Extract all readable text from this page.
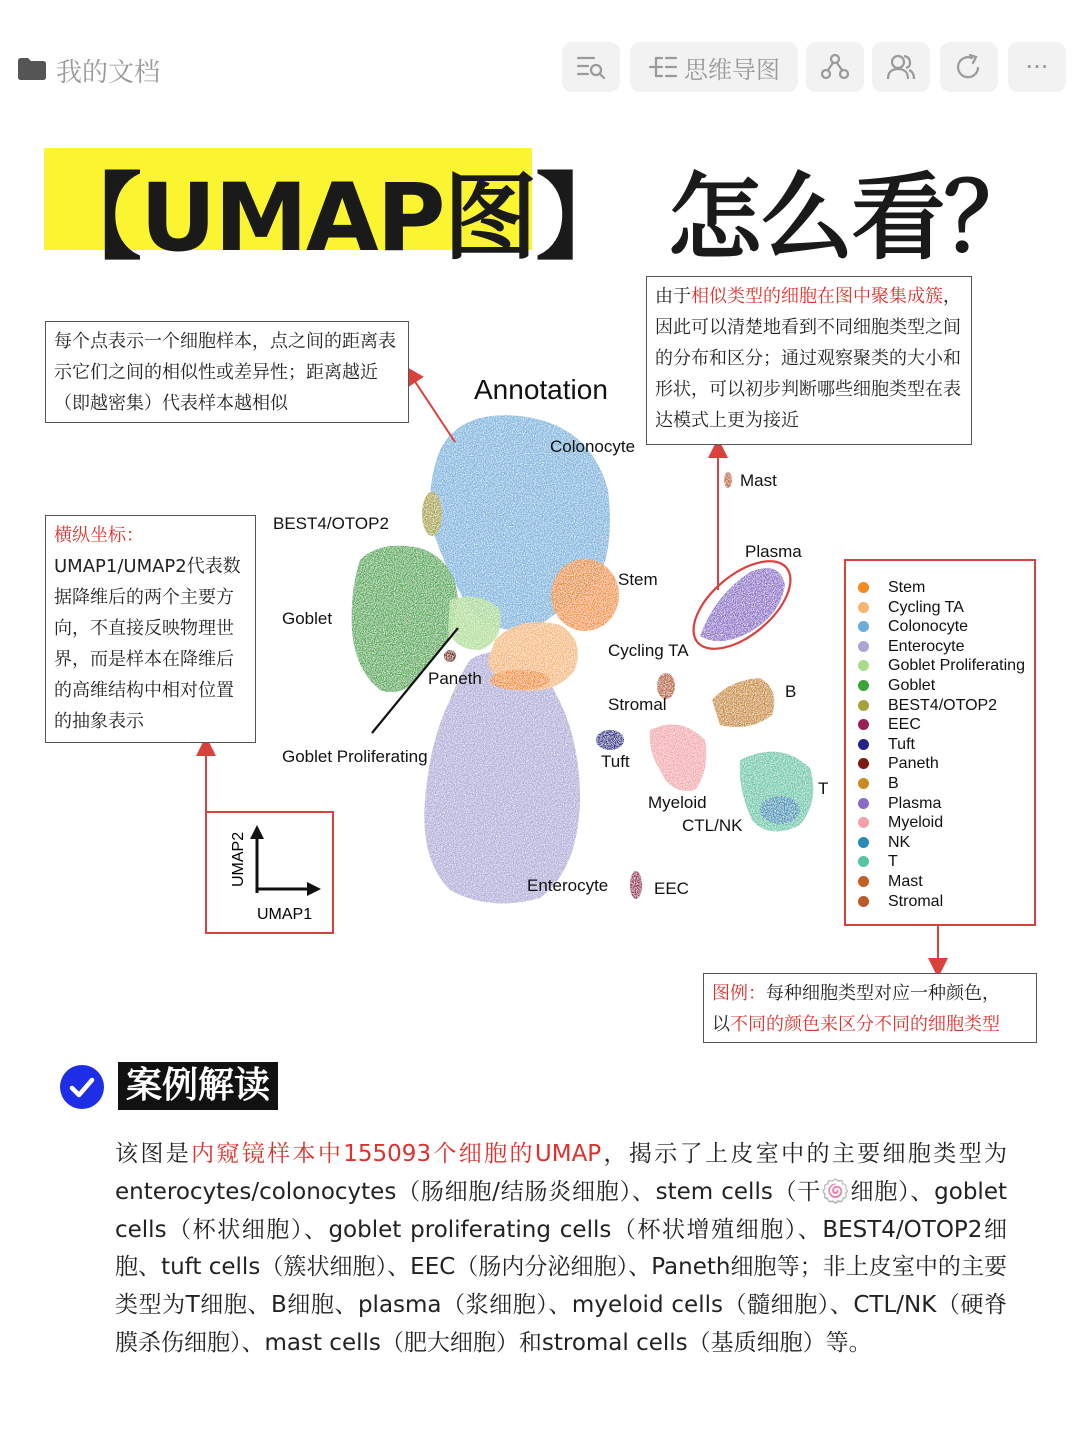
我的文档	思维导图	···
【UMAP图】 怎么看？
Annotation
Colonocyte
BEST4/OTOP2
Goblet
Paneth
Goblet Proliferating
Stem
Cycling TA
Stromal
Tuft
Enterocyte	EEC
Mast
Plasma
B
T
Myeloid
CTL/NK
每个点表示一个细胞样本，点之间的距离表示它们之间的相似性或差异性；距离越近（即越密集）代表样本越相似
横纵坐标：
UMAP1/UMAP2代表数据降维后的两个主要方向，不直接反映物理世界，而是样本在降维后的高维结构中相对位置的抽象表示
由于相似类型的细胞在图中聚集成簇，因此可以清楚地看到不同细胞类型之间的分布和区分；通过观察聚类的大小和形状，可以初步判断哪些细胞类型在表达模式上更为接近
图例：每种细胞类型对应一种颜色，
以不同的颜色来区分不同的细胞类型
Stem
Cycling TA
Colonocyte
Enterocyte
Goblet Proliferating
Goblet
BEST4/OTOP2
EEC
Tuft
Paneth
B
Plasma
Myeloid
NK
T
Mast
Stromal
UMAP2
UMAP1
案例解读
该图是内窥镜样本中155093个细胞的UMAP，揭示了上皮室中的主要细胞类型为enterocytes/colonocytes（肠细胞/结肠炎细胞）、stem cells（干🍥细胞）、goblet cells（杯状细胞）、goblet proliferating cells（杯状增殖细胞）、BEST4/OTOP2细胞、tuft cells（簇状细胞）、EEC（肠内分泌细胞）、Paneth细胞等；非上皮室中的主要类型为T细胞、B细胞、plasma（浆细胞）、myeloid cells（髓细胞）、CTL/NK（硬脊膜杀伤细胞）、mast cells（肥大细胞）和stromal cells（基质细胞）等。
